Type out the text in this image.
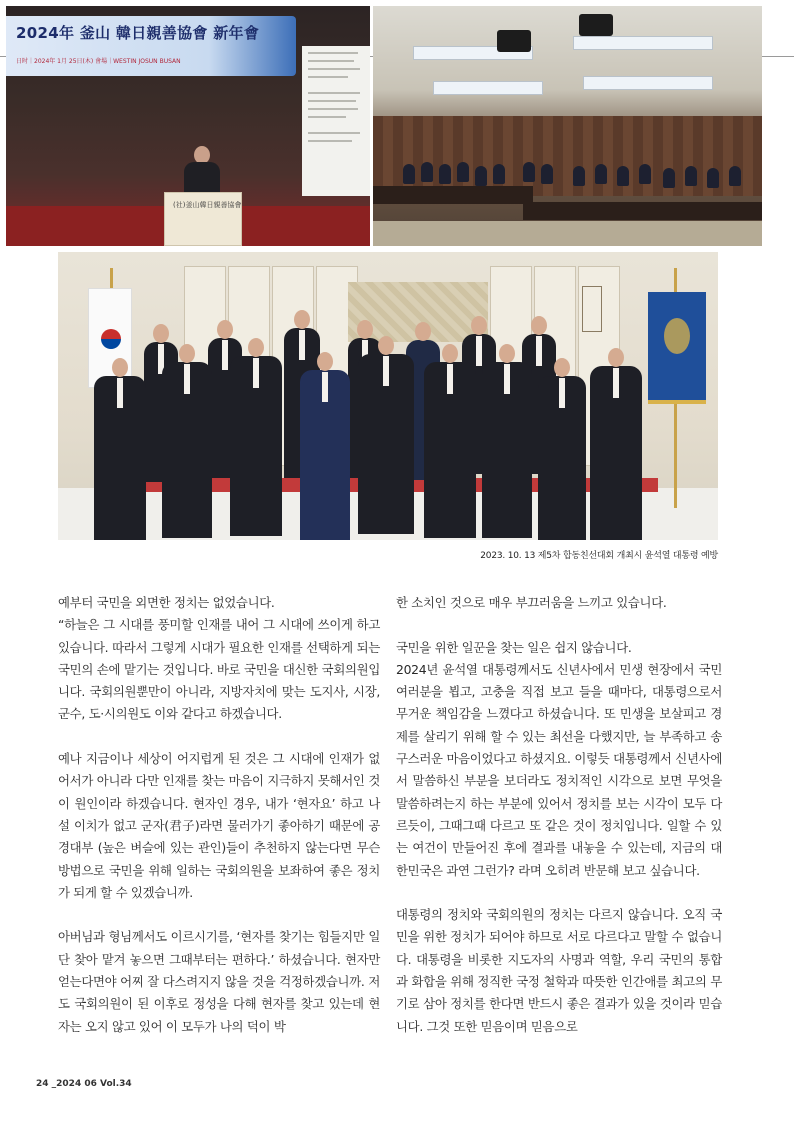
2024年 釜山 韓日親善協會 新年會
日时｜2024年 1月 25日(木) 會場｜WESTIN JOSUN BUSAN
(社)釜山韓日親善協會
2023. 10. 13 제5차 합동친선대회 개최시 윤석열 대통령 예방

예부터 국민을 외면한 정치는 없었습니다.
“하늘은 그 시대를 풍미할 인재를 내어 그 시대에 쓰이게 하고 있습니다. 따라서 그렇게 시대가 필요한 인재를 선택하게 되는 국민의 손에 맡기는 것입니다. 바로 국민을 대신한 국회의원입니다. 국회의원뿐만이 아니라, 지방자치에 맞는 도지사, 시장, 군수, 도·시의원도 이와 같다고 하겠습니다.

예나 지금이나 세상이 어지럽게 된 것은 그 시대에 인재가 없어서가 아니라 다만 인재를 찾는 마음이 지극하지 못해서인 것이 원인이라 하겠습니다. 현자인 경우, 내가 ‘현자요’ 하고 나설 이치가 없고 군자(君子)라면 물러가기 좋아하기 때문에 공경대부 (높은 벼슬에 있는 관인)들이 추천하지 않는다면 무슨 방법으로 국민을 위해 일하는 국회의원을 보좌하여 좋은 정치가 되게 할 수 있겠습니까.

아버님과 형님께서도 이르시기를, ‘현자를 찾기는 힘들지만 일단 찾아 맡겨 놓으면 그때부터는 편하다.’ 하셨습니다. 현자만 얻는다면야 어찌 잘 다스려지지 않을 것을 걱정하겠습니까. 저도 국회의원이 된 이후로 정성을 다해 현자를 찾고 있는데 현자는 오지 않고 있어 이 모두가 나의 덕이 박

한 소치인 것으로 매우 부끄러움을 느끼고 있습니다.

국민을 위한 일꾼을 찾는 일은 쉽지 않습니다.
2024년 윤석열 대통령께서도 신년사에서 민생 현장에서 국민 여러분을 뵙고, 고충을 직접 보고 들을 때마다, 대통령으로서 무거운 책임감을 느꼈다고 하셨습니다. 또 민생을 보살피고 경제를 살리기 위해 할 수 있는 최선을 다했지만, 늘 부족하고 송구스러운 마음이었다고 하셨지요. 이렇듯 대통령께서 신년사에서 말씀하신 부분을 보더라도 정치적인 시각으로 보면 무엇을 말씀하려는지 하는 부분에 있어서 정치를 보는 시각이 모두 다르듯이, 그때그때 다르고 또 같은 것이 정치입니다. 일할 수 있는 여건이 만들어진 후에 결과를 내놓을 수 있는데, 지금의 대한민국은 과연 그런가? 라며 오히려 반문해 보고 싶습니다.

대통령의 정치와 국회의원의 정치는 다르지 않습니다. 오직 국민을 위한 정치가 되어야 하므로 서로 다르다고 말할 수 없습니다. 대통령을 비롯한 지도자의 사명과 역할, 우리 국민의 통합과 화합을 위해 정직한 국정 철학과 따뜻한 인간애를 최고의 무기로 삼아 정치를 한다면 반드시 좋은 결과가 있을 것이라 믿습니다. 그것 또한 믿음이며 믿음으로

24 _2024 06 Vol.34
